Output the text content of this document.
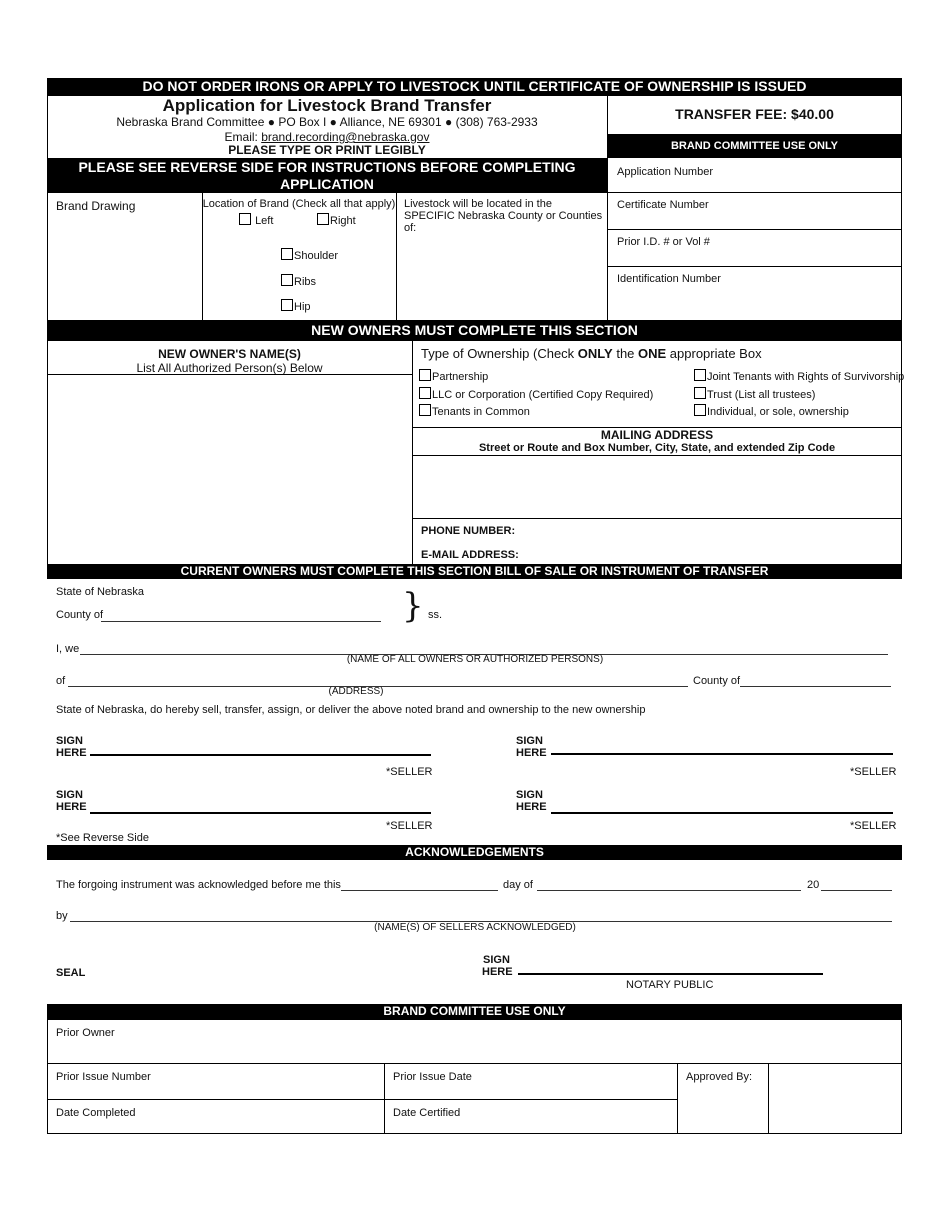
DO NOT ORDER IRONS OR APPLY TO LIVESTOCK UNTIL CERTIFICATE OF OWNERSHIP IS ISSUED
Application for Livestock Brand Transfer
Nebraska Brand Committee ● PO Box I ● Alliance, NE 69301 ● (308) 763-2933
Email: brand.recording@nebraska.gov
PLEASE TYPE OR PRINT LEGIBLY
PLEASE SEE REVERSE SIDE FOR INSTRUCTIONS BEFORE COMPLETING APPLICATION
TRANSFER FEE: $40.00
BRAND COMMITTEE USE ONLY
Application Number
Certificate Number
Prior I.D. # or Vol #
Identification Number
Brand Drawing	Location of Brand (Check all that apply)
Left	Right
Shoulder
Ribs
Hip
Livestock will be located in the SPECIFIC Nebraska County or Counties of:
NEW OWNERS MUST COMPLETE THIS SECTION
NEW OWNER'S NAME(S)
List All Authorized Person(s) Below
Type of Ownership (Check ONLY the ONE appropriate Box
Partnership
LLC or Corporation (Certified Copy Required)
Tenants in Common
Joint Tenants with Rights of Survivorship
Trust (List all trustees)
Individual, or sole, ownership
MAILING ADDRESS
Street or Route and Box Number, City, State, and extended Zip Code
PHONE NUMBER:
E-MAIL ADDRESS:
CURRENT OWNERS MUST COMPLETE THIS SECTION BILL OF SALE OR INSTRUMENT OF TRANSFER
State of Nebraska
County of	} ss.
I, we
(NAME OF ALL OWNERS OR AUTHORIZED PERSONS)
of
(ADDRESS)
County of
State of Nebraska, do hereby sell, transfer, assign, or deliver the above noted brand and ownership to the new ownership
SIGN
HERE
*SELLER
SIGN
HERE
*SELLER
SIGN
HERE
*SELLER
SIGN
HERE
*SELLER
*See Reverse Side
ACKNOWLEDGEMENTS
The forgoing instrument was acknowledged before me this	day of	20
by
(NAME(S) OF SELLERS ACKNOWLEDGED)
SEAL
SIGN
HERE
NOTARY PUBLIC
BRAND COMMITTEE USE ONLY
Prior Owner
Prior Issue Number	Prior Issue Date	Approved By:
Date Completed	Date Certified
